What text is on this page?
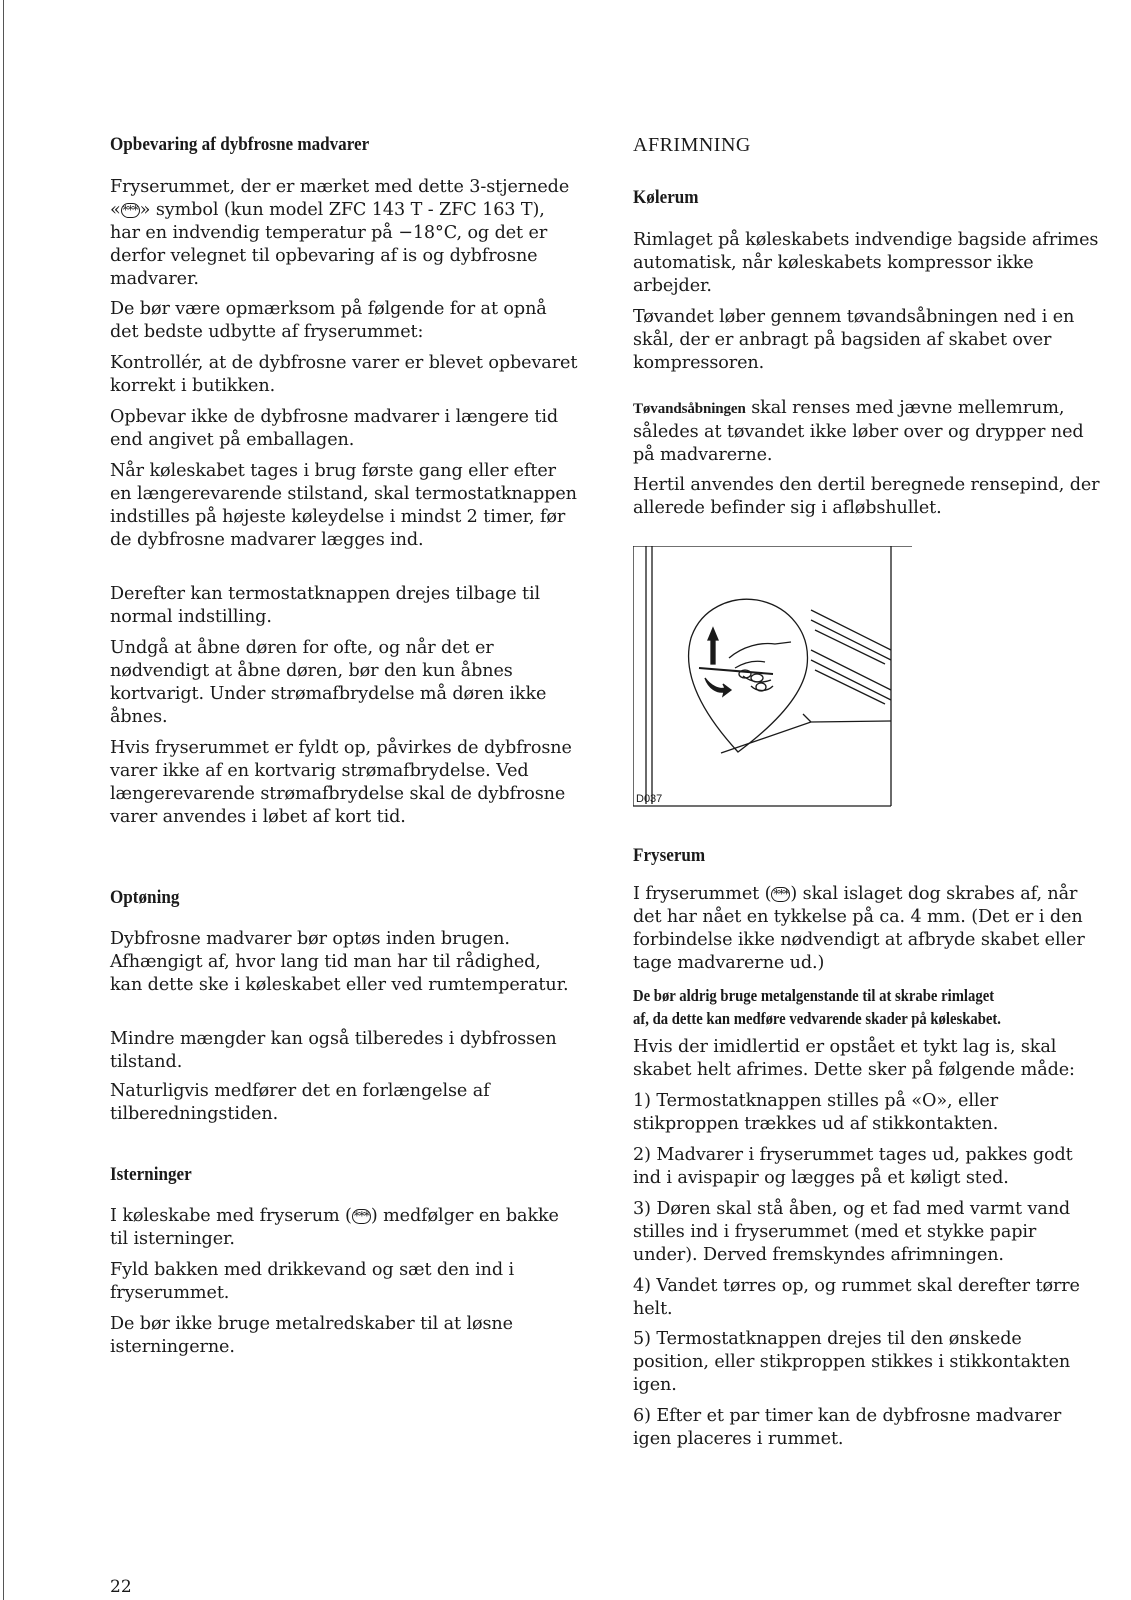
Opbevaring af dybfrosne madvarer

Fryserummet, der er mærket med dette 3-stjernede « *** » symbol (kun model ZFC 143 T - ZFC 163 T), har en indvendig temperatur på −18°C, og det er derfor velegnet til opbevaring af is og dybfrosne madvarer.

De bør være opmærksom på følgende for at opnå det bedste udbytte af fryserummet:

Kontrollér, at de dybfrosne varer er blevet opbevaret korrekt i butikken.

Opbevar ikke de dybfrosne madvarer i længere tid end angivet på emballagen.

Når køleskabet tages i brug første gang eller efter en længerevarende stilstand, skal termostatknappen indstilles på højeste køleydelse i mindst 2 timer, før de dybfrosne madvarer lægges ind.

Derefter kan termostatknappen drejes tilbage til normal indstilling.

Undgå at åbne døren for ofte, og når det er nødvendigt at åbne døren, bør den kun åbnes kortvarigt. Under strømafbrydelse må døren ikke åbnes.

Hvis fryserummet er fyldt op, påvirkes de dybfrosne varer ikke af en kortvarig strømafbrydelse. Ved længerevarende strømafbrydelse skal de dybfrosne varer anvendes i løbet af kort tid.

Optøning

Dybfrosne madvarer bør optøs inden brugen. Afhængigt af, hvor lang tid man har til rådighed, kan dette ske i køleskabet eller ved rumtemperatur.

Mindre mængder kan også tilberedes i dybfrossen tilstand.

Naturligvis medfører det en forlængelse af tilberedningstiden.

Isterninger

I køleskabe med fryserum ( *** ) medfølger en bakke til isterninger.

Fyld bakken med drikkevand og sæt den ind i fryserummet.

De bør ikke bruge metalredskaber til at løsne isterningerne.

AFRIMNING
Kølerum

Rimlaget på køleskabets indvendige bagside afrimes automatisk, når køleskabets kompressor ikke arbejder.

Tøvandet løber gennem tøvandsåbningen ned i en skål, der er anbragt på bagsiden af skabet over kompressoren.

Tøvandsåbningen skal renses med jævne mellemrum, således at tøvandet ikke løber over og drypper ned på madvarerne.

Hertil anvendes den dertil beregnede rensepind, der allerede befinder sig i afløbshullet.

D037
Fryserum

I fryserummet ( *** ) skal islaget dog skrabes af, når det har nået en tykkelse på ca. 4 mm. (Det er i den forbindelse ikke nødvendigt at afbryde skabet eller tage madvarerne ud.)

De bør aldrig bruge metalgenstande til at skrabe rimlaget

af, da dette kan medføre vedvarende skader på køleskabet.

Hvis der imidlertid er opstået et tykt lag is, skal skabet helt afrimes. Dette sker på følgende måde:

1) Termostatknappen stilles på «O», eller stikproppen trækkes ud af stikkontakten.

2) Madvarer i fryserummet tages ud, pakkes godt ind i avispapir og lægges på et køligt sted.

3) Døren skal stå åben, og et fad med varmt vand stilles ind i fryserummet (med et stykke papir under). Derved fremskyndes afrimningen.

4) Vandet tørres op, og rummet skal derefter tørre helt.

5) Termostatknappen drejes til den ønskede position, eller stikproppen stikkes i stikkontakten igen.

6) Efter et par timer kan de dybfrosne madvarer igen placeres i rummet.

22
